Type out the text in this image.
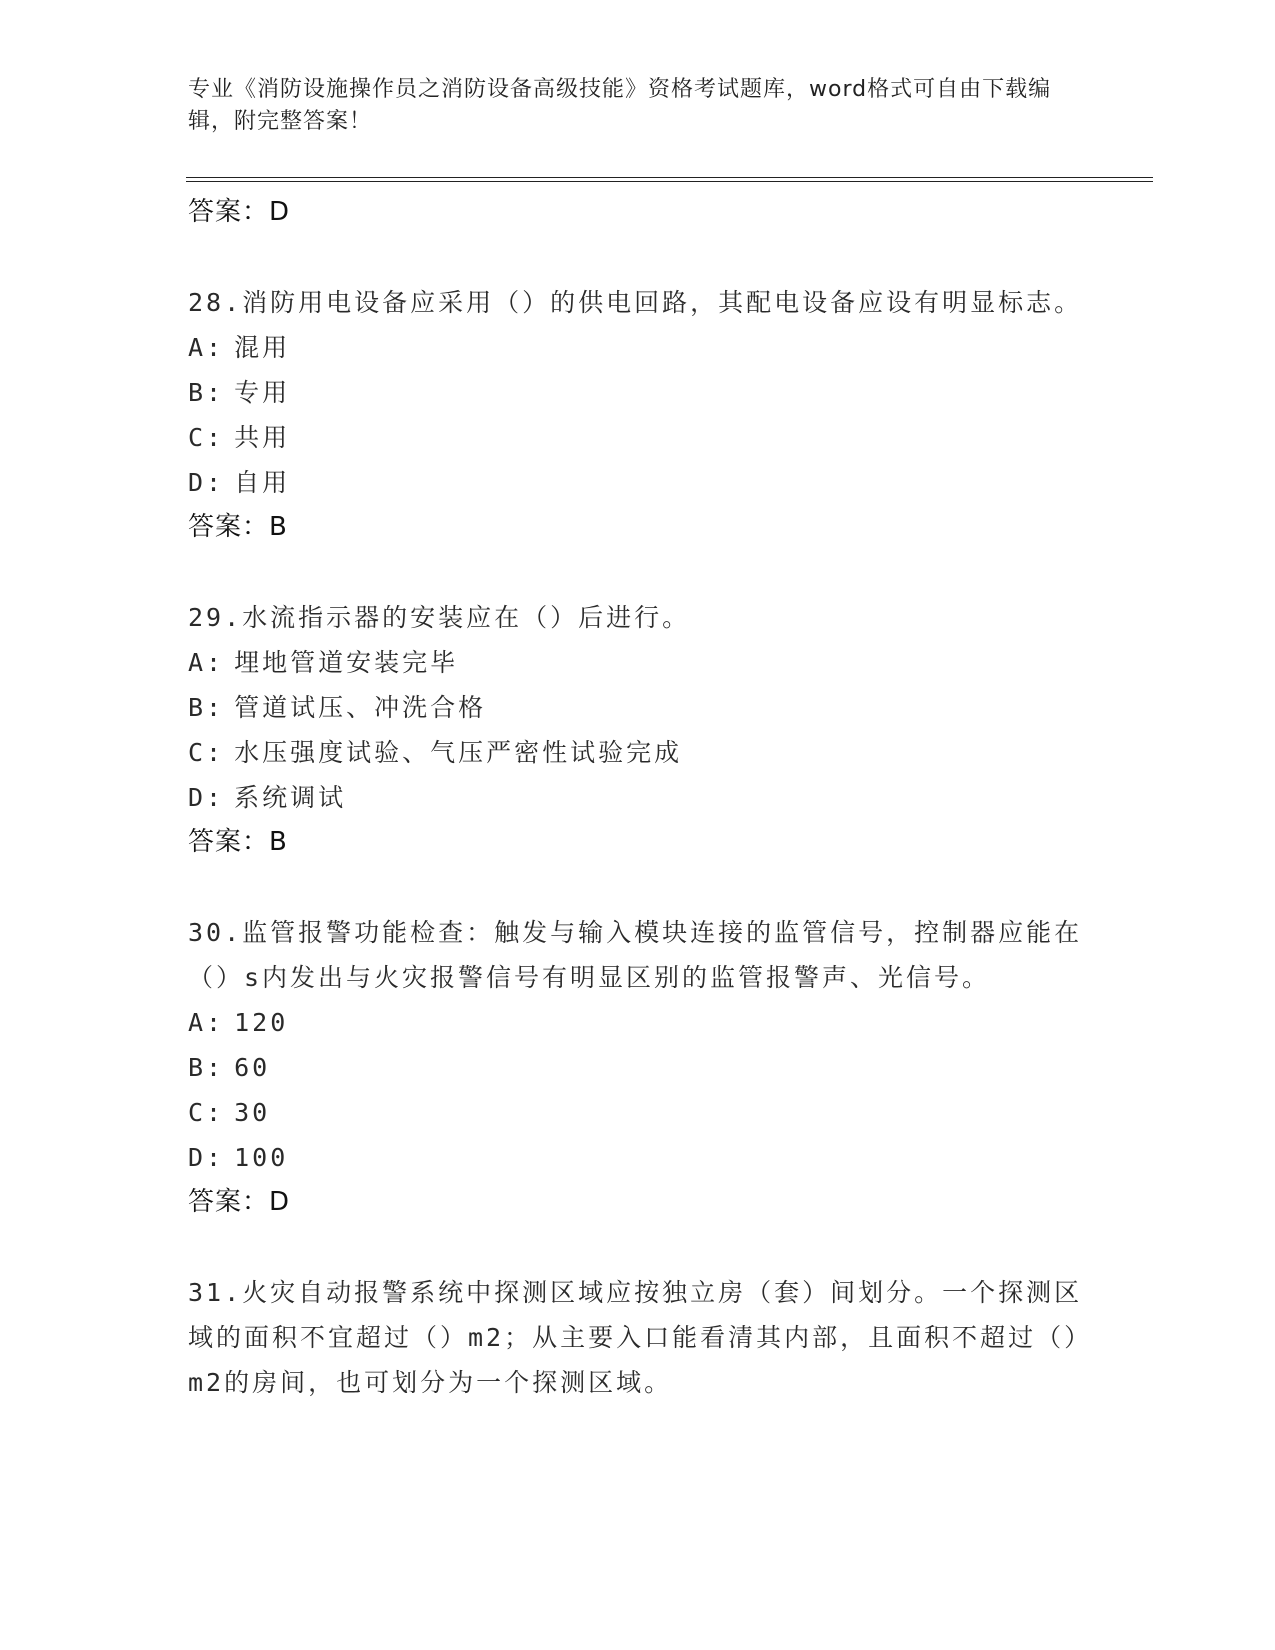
专业《消防设施操作员之消防设备高级技能》资格考试题库，word格式可自由下载编辑，附完整答案！
答案：D
28.消防用电设备应采用（）的供电回路，其配电设备应设有明显标志。
A: 混用
B: 专用
C: 共用
D: 自用
答案：B
29.水流指示器的安装应在（）后进行。
A: 埋地管道安装完毕
B: 管道试压、冲洗合格
C: 水压强度试验、气压严密性试验完成
D: 系统调试
答案：B
30.监管报警功能检查：触发与输入模块连接的监管信号，控制器应能在（）s内发出与火灾报警信号有明显区别的监管报警声、光信号。
A: 120
B: 60
C: 30
D: 100
答案：D
31.火灾自动报警系统中探测区域应按独立房（套）间划分。一个探测区域的面积不宜超过（）m2；从主要入口能看清其内部，且面积不超过（）m2的房间，也可划分为一个探测区域。
